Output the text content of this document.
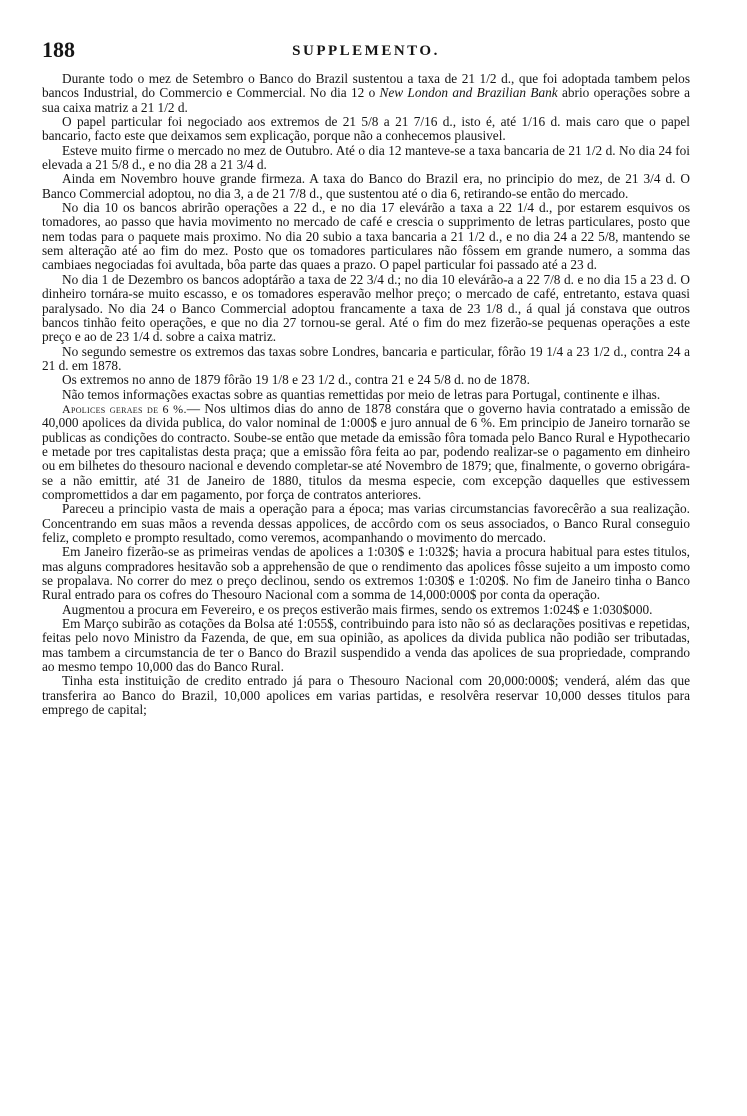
188	SUPPLEMENTO.

Durante todo o mez de Setembro o Banco do Brazil sustentou a taxa de 21 1/2 d., que foi adoptada tambem pelos bancos Industrial, do Commercio e Commercial. No dia 12 o New London and Brazilian Bank abrio operações sobre a sua caixa matriz a 21 1/2 d.

O papel particular foi negociado aos extremos de 21 5/8 a 21 7/16 d., isto é, até 1/16 d. mais caro que o papel bancario, facto este que deixamos sem explicação, porque não a conhecemos plausivel.

Esteve muito firme o mercado no mez de Outubro. Até o dia 12 manteve-se a taxa bancaria de 21 1/2 d. No dia 24 foi elevada a 21 5/8 d., e no dia 28 a 21 3/4 d.

Ainda em Novembro houve grande firmeza. A taxa do Banco do Brazil era, no principio do mez, de 21 3/4 d. O Banco Commercial adoptou, no dia 3, a de 21 7/8 d., que sustentou até o dia 6, retirando-se então do mercado.

No dia 10 os bancos abrirão operações a 22 d., e no dia 17 elevárão a taxa a 22 1/4 d., por estarem esquivos os tomadores, ao passo que havia movimento no mercado de café e crescia o supprimento de letras particulares, posto que nem todas para o paquete mais proximo. No dia 20 subio a taxa bancaria a 21 1/2 d., e no dia 24 a 22 5/8, mantendo se sem alteração até ao fim do mez. Posto que os tomadores particulares não fôssem em grande numero, a somma das cambiaes negociadas foi avultada, bôa parte das quaes a prazo. O papel particular foi passado até a 23 d.

No dia 1 de Dezembro os bancos adoptárão a taxa de 22 3/4 d.; no dia 10 elevárão-a a 22 7/8 d. e no dia 15 a 23 d. O dinheiro tornára-se muito escasso, e os tomadores esperavão melhor preço; o mercado de café, entretanto, estava quasi paralysado. No dia 24 o Banco Commercial adoptou francamente a taxa de 23 1/8 d., á qual já constava que outros bancos tinhão feito operações, e que no dia 27 tornou-se geral. Até o fim do mez fizerão-se pequenas operações a este preço e ao de 23 1/4 d. sobre a caixa matriz.

No segundo semestre os extremos das taxas sobre Londres, bancaria e particular, fôrão 19 1/4 a 23 1/2 d., contra 24 a 21 d. em 1878.

Os extremos no anno de 1879 fôrão 19 1/8 e 23 1/2 d., contra 21 e 24 5/8 d. no de 1878.

Não temos informações exactas sobre as quantias remettidas por meio de letras para Portugal, continente e ilhas.

Apolices geraes de 6 %.— Nos ultimos dias do anno de 1878 constára que o governo havia contratado a emissão de 40,000 apolices da divida publica, do valor nominal de 1:000$ e juro annual de 6 %. Em principio de Janeiro tornarão se publicas as condições do contracto. Soube-se então que metade da emissão fôra tomada pelo Banco Rural e Hypothecario e metade por tres capitalistas desta praça; que a emissão fôra feita ao par, podendo realizar-se o pagamento em dinheiro ou em bilhetes do thesouro nacional e devendo completar-se até Novembro de 1879; que, finalmente, o governo obrigára-se a não emittir, até 31 de Janeiro de 1880, titulos da mesma especie, com excepção daquelles que estivessem compromettidos a dar em pagamento, por força de contratos anteriores.

Pareceu a principio vasta de mais a operação para a época; mas varias circumstancias favorecêrão a sua realização. Concentrando em suas mãos a revenda dessas appolices, de accôrdo com os seus associados, o Banco Rural conseguio feliz, completo e prompto resultado, como veremos, acompanhando o movimento do mercado.

Em Janeiro fizerão-se as primeiras vendas de apolices a 1:030$ e 1:032$; havia a procura habitual para estes titulos, mas alguns compradores hesitavão sob a apprehensão de que o rendimento das apolices fôsse sujeito a um imposto como se propalava. No correr do mez o preço declinou, sendo os extremos 1:030$ e 1:020$. No fim de Janeiro tinha o Banco Rural entrado para os cofres do Thesouro Nacional com a somma de 14,000:000$ por conta da operação.

Augmentou a procura em Fevereiro, e os preços estiverão mais firmes, sendo os extremos 1:024$ e 1:030$000.

Em Março subirão as cotações da Bolsa até 1:055$, contribuindo para isto não só as declarações positivas e repetidas, feitas pelo novo Ministro da Fazenda, de que, em sua opinião, as apolices da divida publica não podião ser tributadas, mas tambem a circumstancia de ter o Banco do Brazil suspendido a venda das apolices de sua propriedade, comprando ao mesmo tempo 10,000 das do Banco Rural.

Tinha esta instituição de credito entrado já para o Thesouro Nacional com 20,000:000$; venderá, além das que transferira ao Banco do Brazil, 10,000 apolices em varias partidas, e resolvêra reservar 10,000 desses titulos para emprego de capital;
